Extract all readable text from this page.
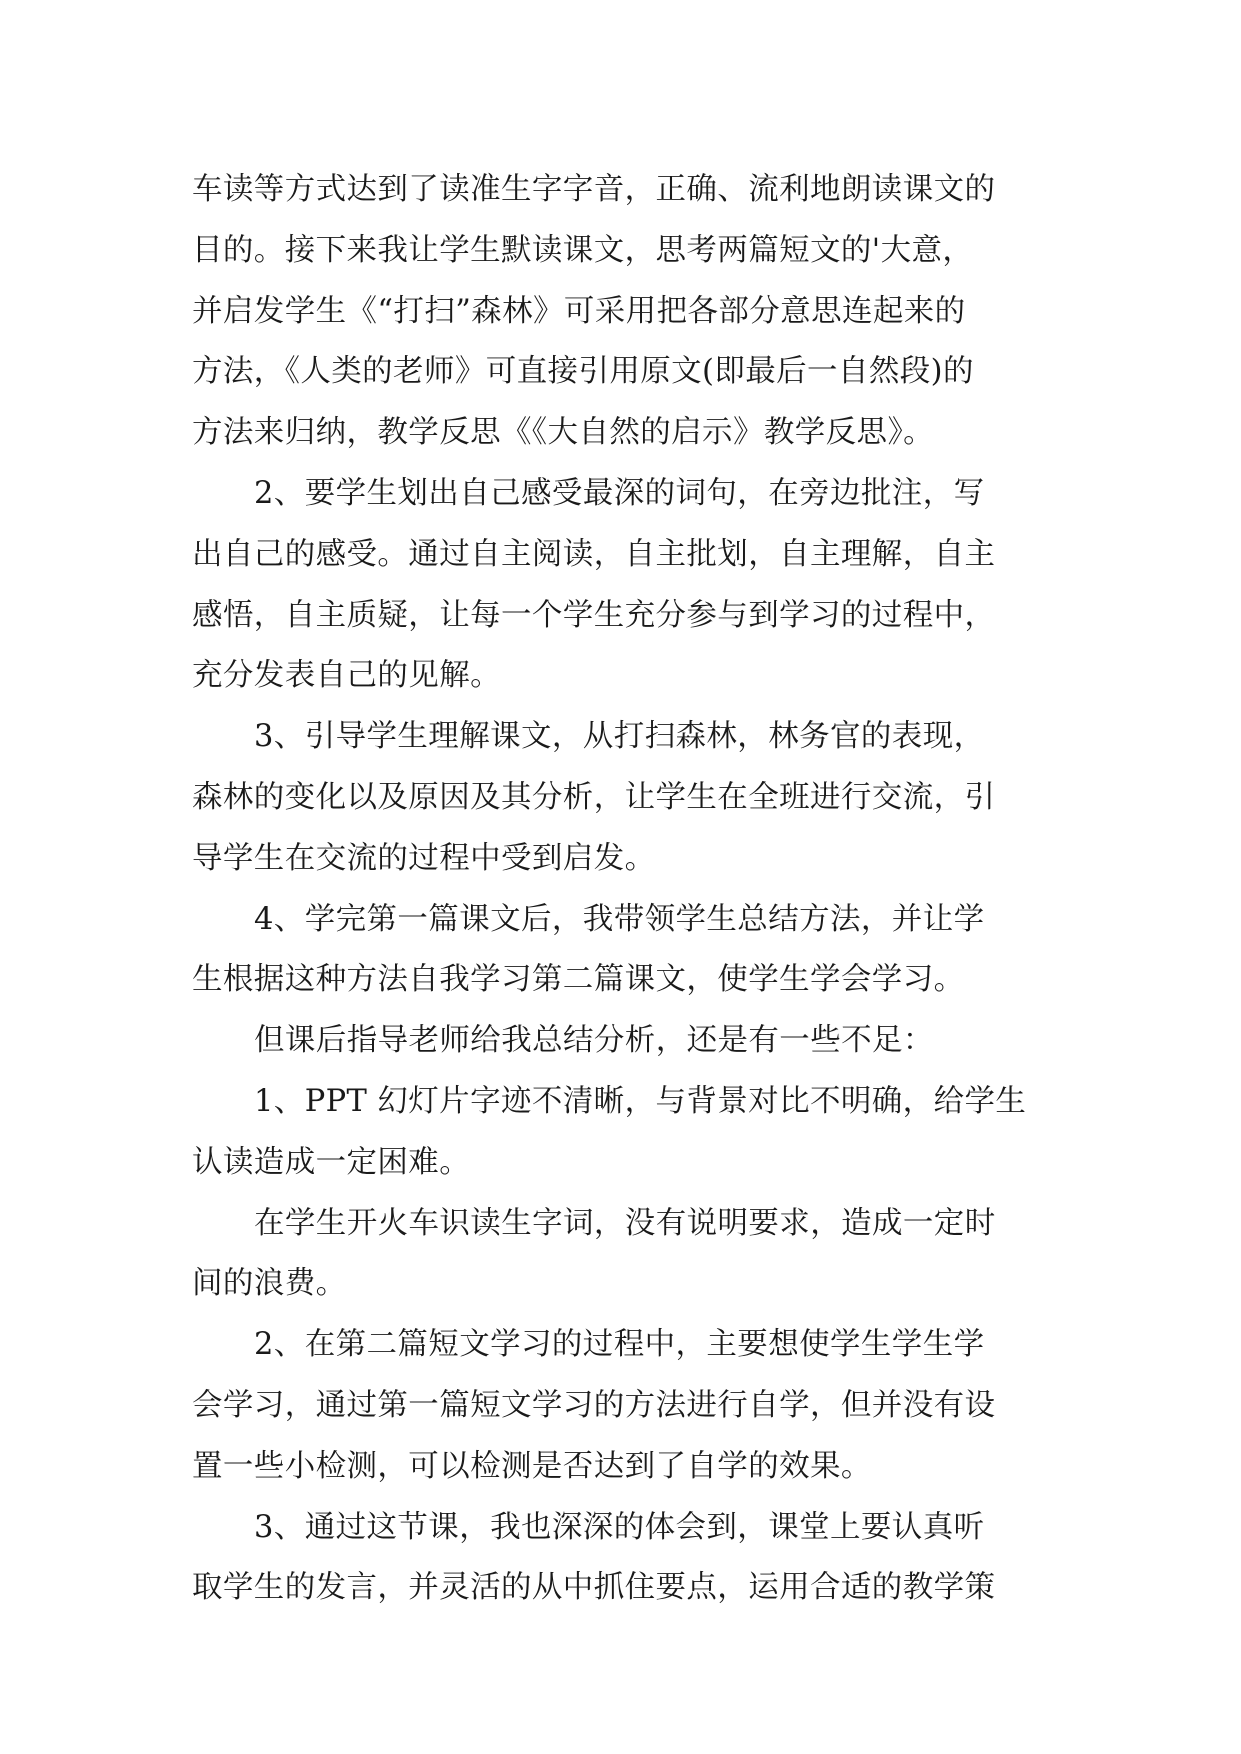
车读等方式达到了读准生字字音，正确、流利地朗读课文的
目的。接下来我让学生默读课文，思考两篇短文的'大意，
并启发学生《“打扫”森林》可采用把各部分意思连起来的
方法，《人类的老师》可直接引用原文(即最后一自然段)的
方法来归纳，教学反思《《大自然的启示》教学反思》。
2、要学生划出自己感受最深的词句，在旁边批注，写
出自己的感受。通过自主阅读，自主批划，自主理解，自主
感悟，自主质疑，让每一个学生充分参与到学习的过程中，
充分发表自己的见解。
3、引导学生理解课文，从打扫森林，林务官的表现，
森林的变化以及原因及其分析，让学生在全班进行交流，引
导学生在交流的过程中受到启发。
4、学完第一篇课文后，我带领学生总结方法，并让学
生根据这种方法自我学习第二篇课文，使学生学会学习。
但课后指导老师给我总结分析，还是有一些不足：
1、PPT 幻灯片字迹不清晰，与背景对比不明确，给学生
认读造成一定困难。
在学生开火车识读生字词，没有说明要求，造成一定时
间的浪费。
2、在第二篇短文学习的过程中，主要想使学生学生学
会学习，通过第一篇短文学习的方法进行自学，但并没有设
置一些小检测，可以检测是否达到了自学的效果。
3、通过这节课，我也深深的体会到，课堂上要认真听
取学生的发言，并灵活的从中抓住要点，运用合适的教学策
